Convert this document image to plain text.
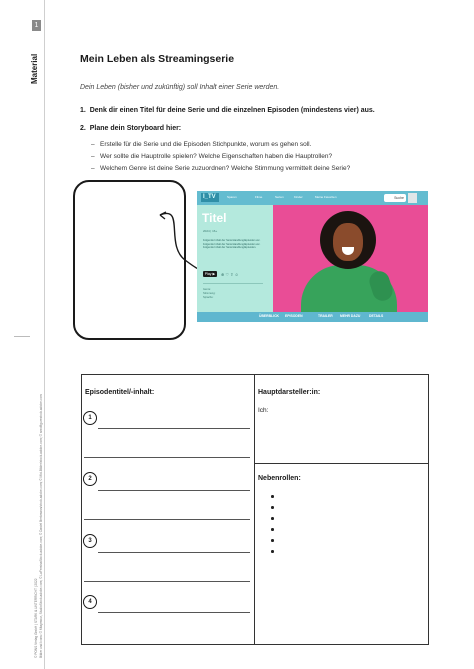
1
Material
© PONS Verlag GmbH | STARK & UNTERRICHT | 2022 Bilder und Icons: © Mtaymour, StudioStock.adobe.com; © LaFeminaStock.adobe.com; © Daniel Berkmann/stock.adobe.com; © Mkt-Bilder/stock.adobe.com; © smolfigurestock.adobe.com
Mein Leben als Streamingserie
Dein Leben (bisher und zukünftig) soll Inhalt einer Serie werden.
1. Denk dir einen Titel für deine Serie und die einzelnen Episoden (mindestens vier) aus.
2. Plane dein Storyboard hier:
– Erstelle für die Serie und die Episoden Stichpunkte, worum es gehen soll.
– Wer sollte die Hauptrolle spielen? Welche Eigenschaften haben die Hauptrollen?
– Welchem Genre ist deine Serie zuzuordnen? Welche Stimmung vermittelt deine Serie?
I_TV	Sparen	Filme	Serien	Kinder	Meine Favoriten	Suche
Titel
2024 | 16+
Folgende Inhalt der Serie/Handlung/Episoden etc. Folgende Inhalt der Serie/Handlung/Episoden etc. Folgende Inhalt der Serie/Handlung/Episoden.
Play ▶	⊕ ♡ ⇪ ☺
Genre:
Stimmung:
Sprache:
ÜBERBLICK EPISODEN	TRAILER MEHR DAZU	DETAILS
Episodentitel/-inhalt:
1
2
3
4
Hauptdarsteller:in:
Ich:
Nebenrollen:
